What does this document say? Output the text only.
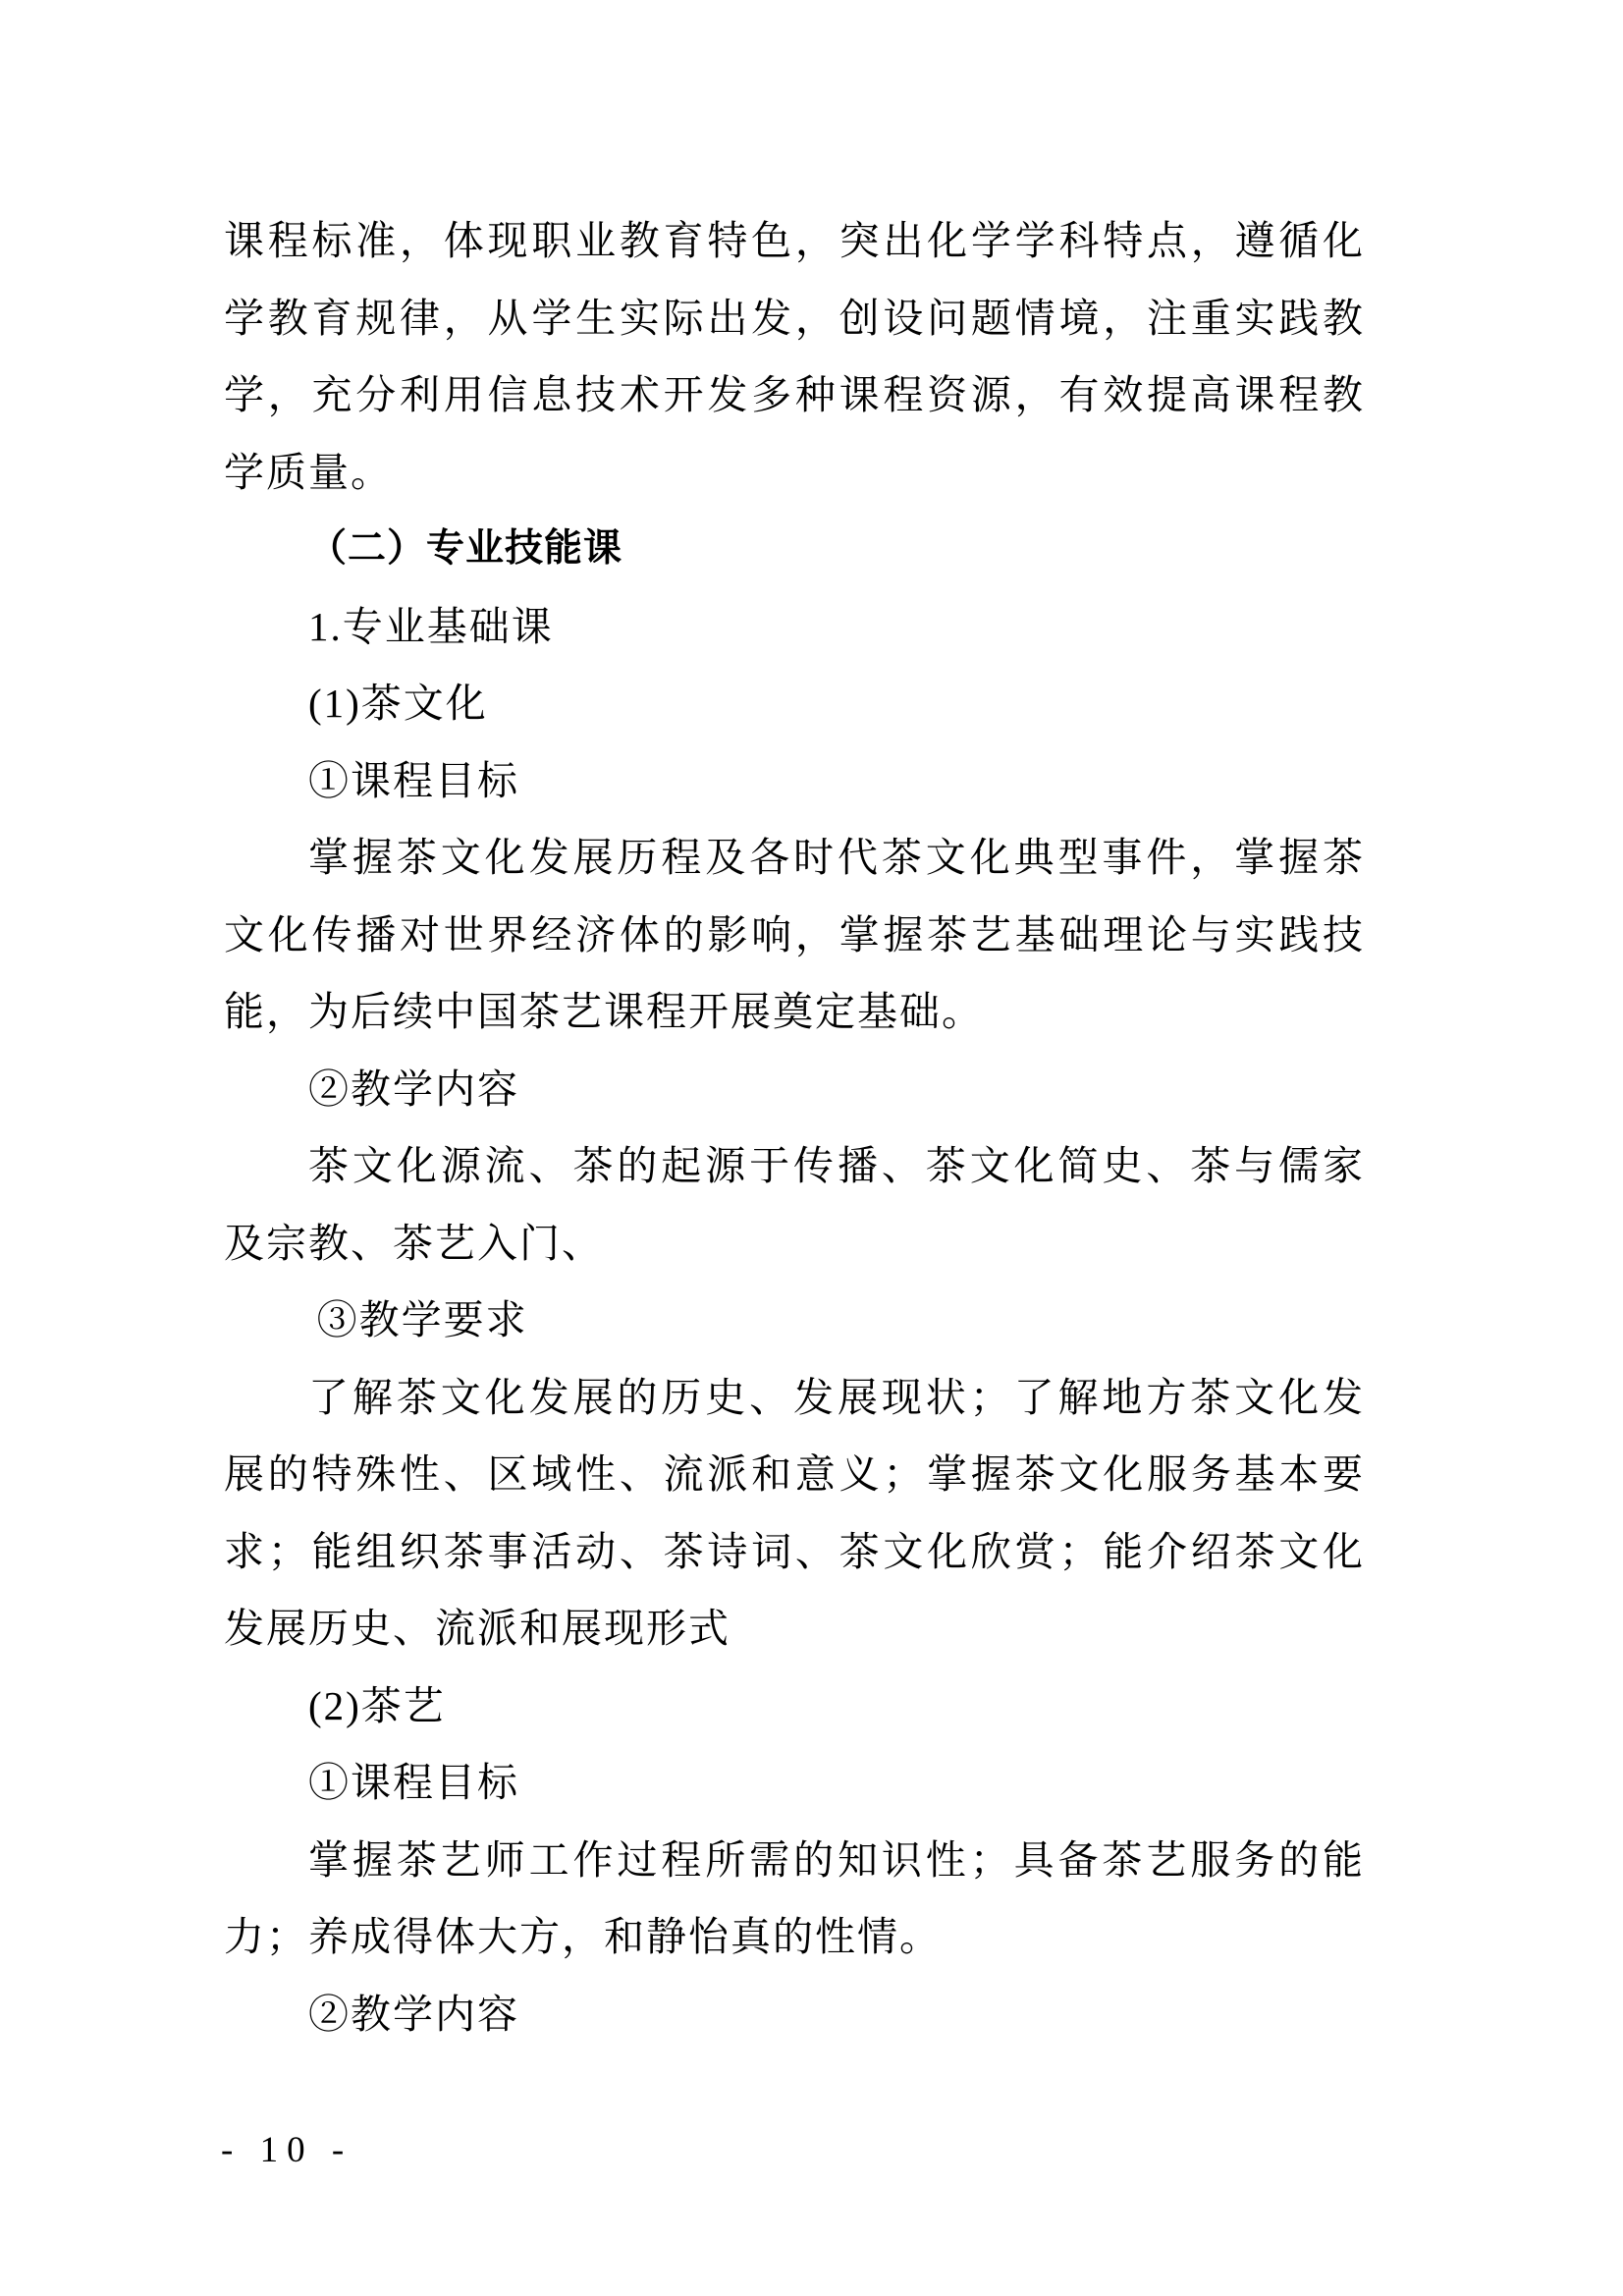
课程标准，体现职业教育特色，突出化学学科特点，遵循化
学教育规律，从学生实际出发，创设问题情境，注重实践教
学，充分利用信息技术开发多种课程资源，有效提高课程教
学质量。
（二）专业技能课
1.专业基础课
(1)茶文化
①课程目标
掌握茶文化发展历程及各时代茶文化典型事件，掌握茶
文化传播对世界经济体的影响，掌握茶艺基础理论与实践技
能，为后续中国茶艺课程开展奠定基础。
②教学内容
茶文化源流、茶的起源于传播、茶文化简史、茶与儒家
及宗教、茶艺入门、
③教学要求
了解茶文化发展的历史、发展现状；了解地方茶文化发
展的特殊性、区域性、流派和意义；掌握茶文化服务基本要
求；能组织茶事活动、茶诗词、茶文化欣赏；能介绍茶文化
发展历史、流派和展现形式
(2)茶艺
①课程目标
掌握茶艺师工作过程所需的知识性；具备茶艺服务的能
力；养成得体大方，和静怡真的性情。
②教学内容
- 10 -
